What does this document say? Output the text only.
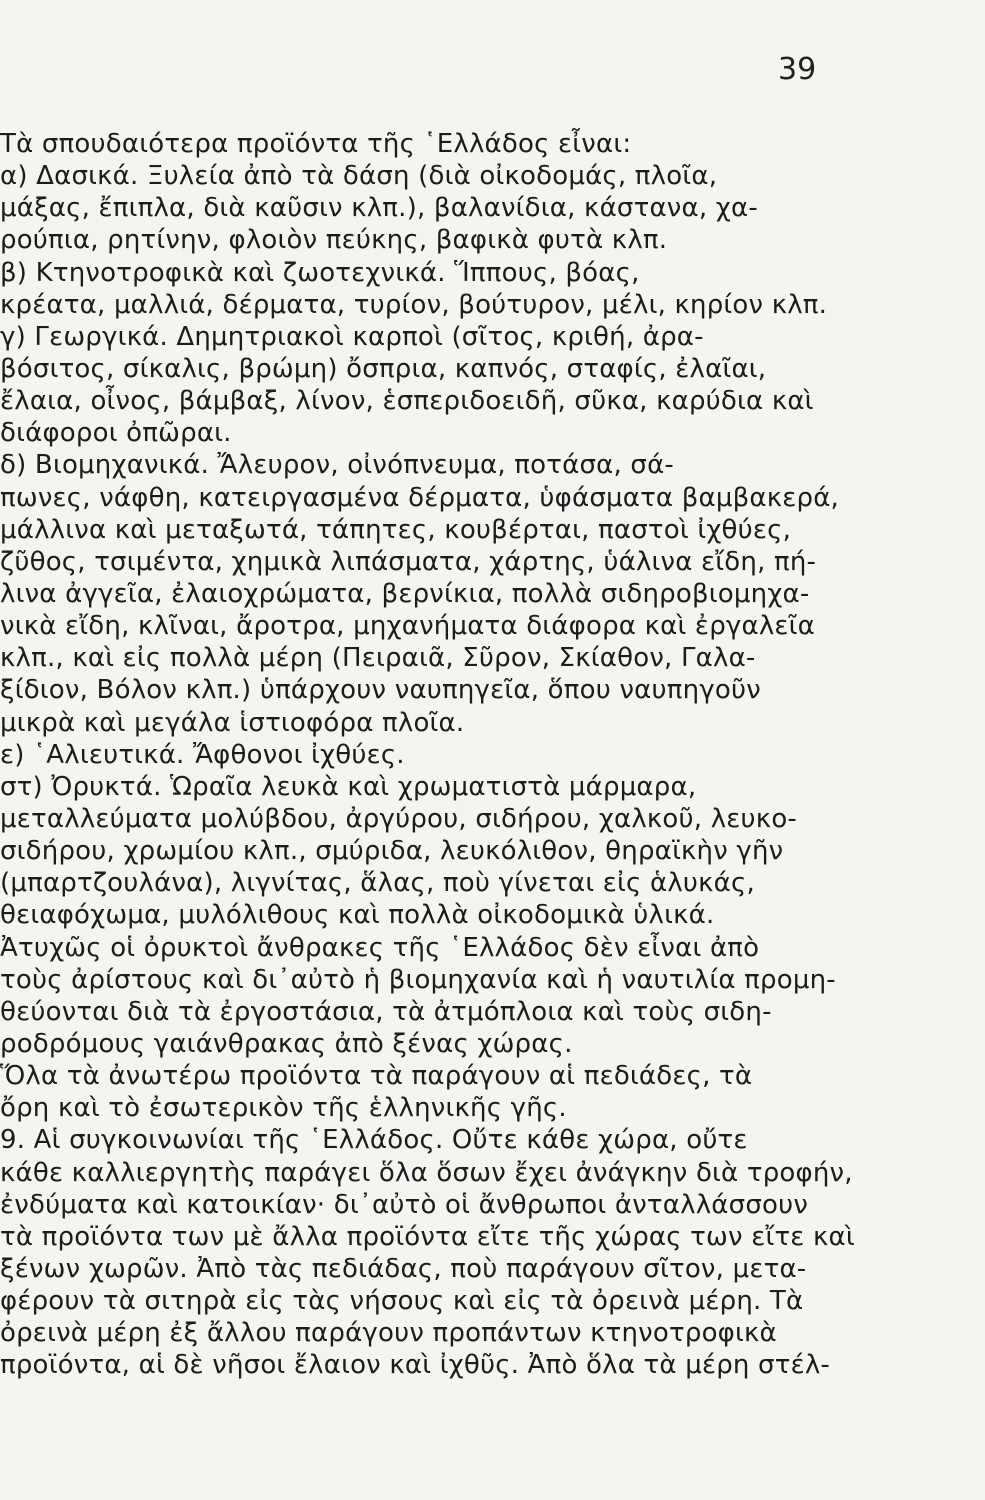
39
Τὰ σπουδαιότερα προϊόντα τῆς ῾Ελλάδος εἶναι:
α) Δασικά. Ξυλεία ἀπὸ τὰ δάση (διὰ οἰκοδομάς, πλοῖα,
μάξας, ἔπιπλα, διὰ καῦσιν κλπ.), βαλανίδια, κάστανα, χα-
ρούπια, ρητίνην, φλοιὸν πεύκης, βαφικὰ φυτὰ κλπ.
β) Κτηνοτροφικὰ καὶ ζωοτεχνικά. Ἵππους, βόας,
κρέατα, μαλλιά, δέρματα, τυρίον, βούτυρον, μέλι, κηρίον κλπ.
γ) Γεωργικά. Δημητριακοὶ καρποὶ (σῖτος, κριθή, ἀρα-
βόσιτος, σίκαλις, βρώμη) ὄσπρια, καπνός, σταφίς, ἐλαῖαι,
ἔλαια, οἶνος, βάμβαξ, λίνον, ἑσπεριδοειδῆ, σῦκα, καρύδια καὶ
διάφοροι ὀπῶραι.
δ) Βιομηχανικά. Ἄλευρον, οἰνόπνευμα, ποτάσα, σά-
πωνες, νάφθη, κατειργασμένα δέρματα, ὑφάσματα βαμβακερά,
μάλλινα καὶ μεταξωτά, τάπητες, κουβέρται, παστοὶ ἰχθύες,
ζῦθος, τσιμέντα, χημικὰ λιπάσματα, χάρτης, ὑάλινα εἴδη, πή-
λινα ἀγγεῖα, ἐλαιοχρώματα, βερνίκια, πολλὰ σιδηροβιομηχα-
νικὰ εἴδη, κλῖναι, ἄροτρα, μηχανήματα διάφορα καὶ ἐργαλεῖα
κλπ., καὶ εἰς πολλὰ μέρη (Πειραιᾶ, Σῦρον, Σκίαθον, Γαλα-
ξίδιον, Βόλον κλπ.) ὑπάρχουν ναυπηγεῖα, ὅπου ναυπηγοῦν
μικρὰ καὶ μεγάλα ἱστιοφόρα πλοῖα.
ε) ῾Αλιευτικά. Ἄφθονοι ἰχθύες.
στ) Ὀρυκτά. Ὡραῖα λευκὰ καὶ χρωματιστὰ μάρμαρα,
μεταλλεύματα μολύβδου, ἀργύρου, σιδήρου, χαλκοῦ, λευκο-
σιδήρου, χρωμίου κλπ., σμύριδα, λευκόλιθον, θηραϊκὴν γῆν
(μπαρτζουλάνα), λιγνίτας, ἅλας, ποὺ γίνεται εἰς ἁλυκάς,
θειαφόχωμα, μυλόλιθους καὶ πολλὰ οἰκοδομικὰ ὑλικά.
Ἀτυχῶς οἱ ὀρυκτοὶ ἄνθρακες τῆς ῾Ελλάδος δὲν εἶναι ἀπὸ
τοὺς ἀρίστους καὶ δι᾽αὐτὸ ἡ βιομηχανία καὶ ἡ ναυτιλία προμη-
θεύονται διὰ τὰ ἐργοστάσια, τὰ ἀτμόπλοια καὶ τοὺς σιδη-
ροδρόμους γαιάνθρακας ἀπὸ ξένας χώρας.
Ὅλα τὰ ἀνωτέρω προϊόντα τὰ παράγουν αἱ πεδιάδες, τὰ
ὄρη καὶ τὸ ἐσωτερικὸν τῆς ἑλληνικῆς γῆς.
9. Αἱ συγκοινωνίαι τῆς ῾Ελλάδος. Οὔτε κάθε χώρα, οὔτε
κάθε καλλιεργητὴς παράγει ὅλα ὅσων ἔχει ἀνάγκην διὰ τροφήν,
ἐνδύματα καὶ κατοικίαν· δι᾽αὐτὸ οἱ ἄνθρωποι ἀνταλλάσσουν
τὰ προϊόντα των μὲ ἄλλα προϊόντα εἴτε τῆς χώρας των εἴτε καὶ
ξένων χωρῶν. Ἀπὸ τὰς πεδιάδας, ποὺ παράγουν σῖτον, μετα-
φέρουν τὰ σιτηρὰ εἰς τὰς νήσους καὶ εἰς τὰ ὀρεινὰ μέρη. Τὰ
ὀρεινὰ μέρη ἐξ ἄλλου παράγουν προπάντων κτηνοτροφικὰ
προϊόντα, αἱ δὲ νῆσοι ἔλαιον καὶ ἰχθῦς. Ἀπὸ ὅλα τὰ μέρη στέλ-
